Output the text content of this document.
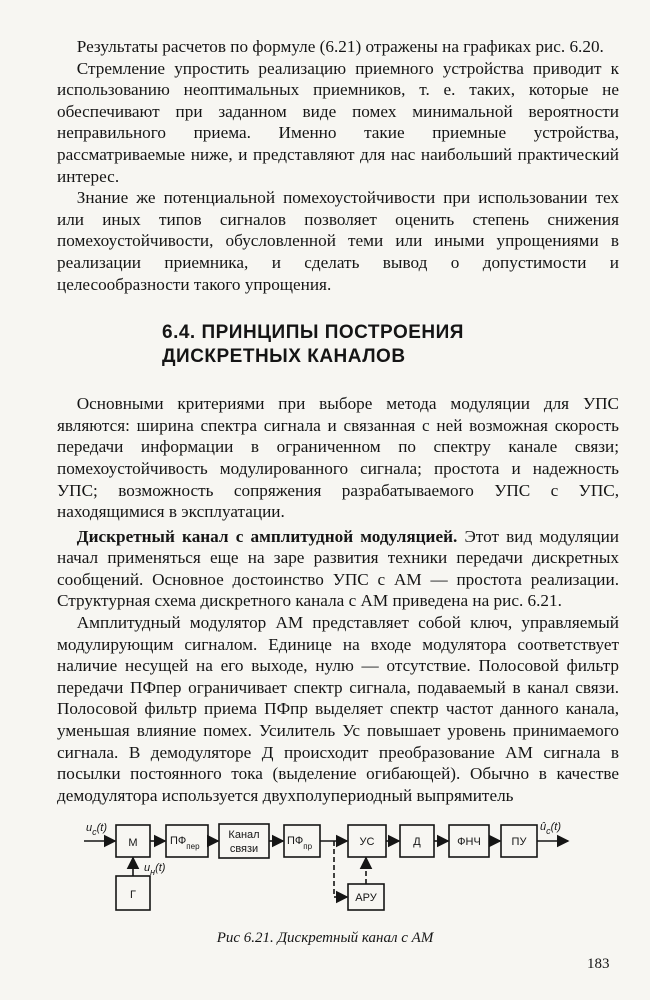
Результаты расчетов по формуле (6.21) отражены на графиках рис. 6.20.

Стремление упростить реализацию приемного устройства приводит к использованию неоптимальных приемников, т. е. таких, которые не обеспечивают при заданном виде помех минимальной вероятности неправильного приема. Именно такие приемные устройства, рассматриваемые ниже, и представляют для нас наибольший практический интерес.

Знание же потенциальной помехоустойчивости при использовании тех или иных типов сигналов позволяет оценить степень снижения помехоустойчивости, обусловленной теми или иными упрощениями в реализации приемника, и сделать вывод о допустимости и целесообразности такого упрощения.

6.4. ПРИНЦИПЫ ПОСТРОЕНИЯ
ДИСКРЕТНЫХ КАНАЛОВ

Основными критериями при выборе метода модуляции для УПС являются: ширина спектра сигнала и связанная с ней возможная скорость передачи информации в ограниченном по спектру канале связи; помехоустойчивость модулированного сигнала; простота и надежность УПС; возможность сопряжения разрабатываемого УПС с УПС, находящимися в эксплуатации.

Дискретный канал с амплитудной модуляцией. Этот вид модуляции начал применяться еще на заре развития техники передачи дискретных сообщений. Основное достоинство УПС с АМ — простота реализации. Структурная схема дискретного канала с АМ приведена на рис. 6.21.

Амплитудный модулятор АМ представляет собой ключ, управляемый модулирующим сигналом. Единице на входе модулятора соответствует наличие несущей на его выходе, нулю — отсутствие. Полосовой фильтр передачи ПФпер ограничивает спектр сигнала, подаваемый в канал связи. Полосовой фильтр приема ПФпр выделяет спектр частот данного канала, уменьшая влияние помех. Усилитель Ус повышает уровень принимаемого сигнала. В демодуляторе Д происходит преобразование АМ сигнала в посылки постоянного тока (выделение огибающей). Обычно в качестве демодулятора используется двухполупериодный выпрямитель

$u_с(t)$
$u_н(t)$
$û_с(t)$
М
Г
$ПФ_{пер}$
Канал
связи
$ПФ_{пр}$	УС	Д	ФНЧ	ПУ
АРУ
Рис 6.21. Дискретный канал с АМ
183
